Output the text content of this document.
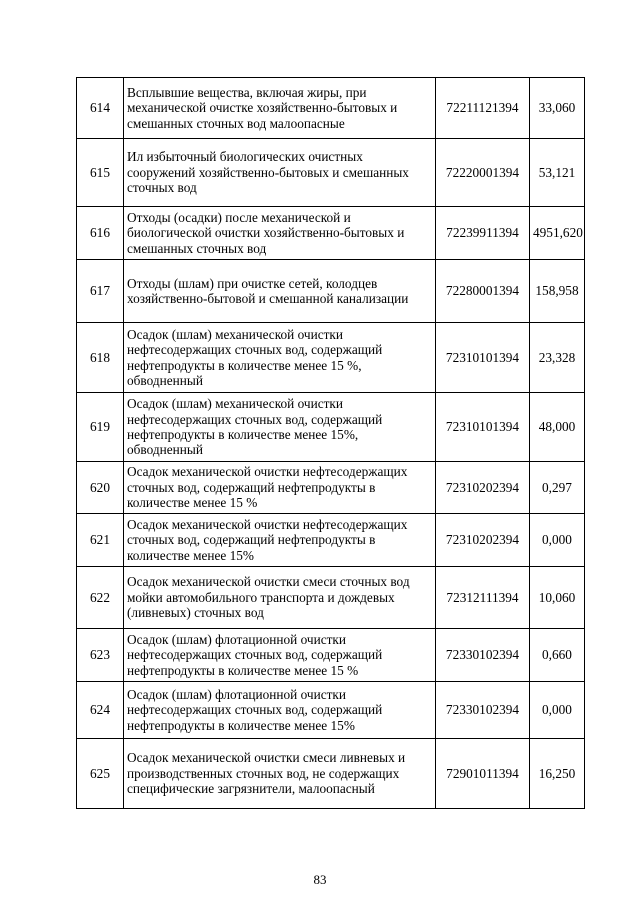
614	Всплывшие вещества, включая жиры, при механической очистке хозяйственно-бытовых и смешанных сточных вод малоопасные	72211121394	33,060
615	Ил избыточный биологических очистных сооружений хозяйственно-бытовых и смешанных сточных вод	72220001394	53,121
616	Отходы (осадки) после механической и биологической очистки хозяйственно-бытовых и смешанных сточных вод	72239911394	4951,620
617	Отходы (шлам) при очистке сетей, колодцев хозяйственно-бытовой и смешанной канализации	72280001394	158,958
618	Осадок (шлам) механической очистки нефтесодержащих сточных вод, содержащий нефтепродукты в количестве менее 15 %, обводненный	72310101394	23,328
619	Осадок (шлам) механической очистки нефтесодержащих сточных вод, содержащий нефтепродукты в количестве менее 15%, обводненный	72310101394	48,000
620	Осадок механической очистки нефтесодержащих сточных вод, содержащий нефтепродукты в количестве менее 15 %	72310202394	0,297
621	Осадок механической очистки нефтесодержащих сточных вод, содержащий нефтепродукты в количестве менее 15%	72310202394	0,000
622	Осадок механической очистки смеси сточных вод мойки автомобильного транспорта и дождевых (ливневых) сточных вод	72312111394	10,060
623	Осадок (шлам) флотационной очистки нефтесодержащих сточных вод, содержащий нефтепродукты в количестве менее 15 %	72330102394	0,660
624	Осадок (шлам) флотационной очистки нефтесодержащих сточных вод, содержащий нефтепродукты в количестве менее 15%	72330102394	0,000
625	Осадок механической очистки смеси ливневых и производственных сточных вод, не содержащих специфические загрязнители, малоопасный	72901011394	16,250
83
